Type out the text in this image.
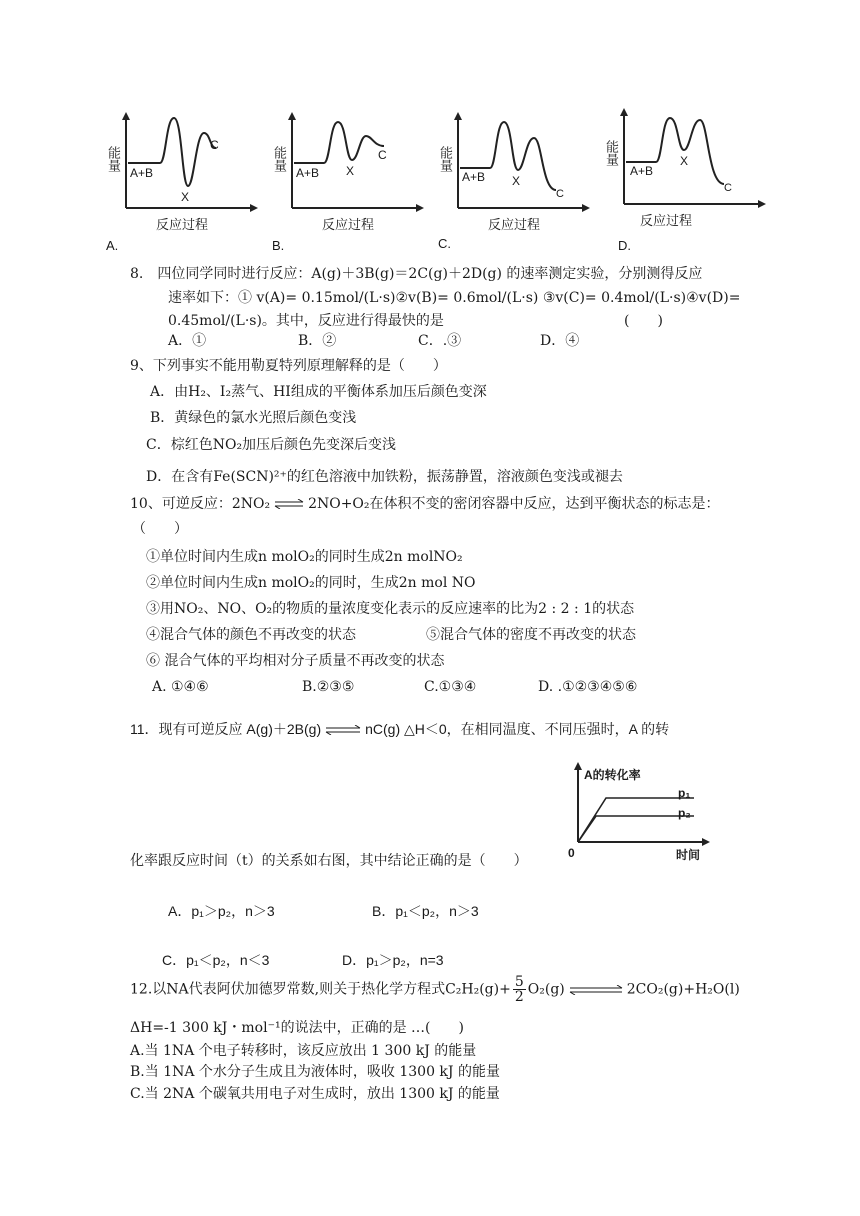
能量
A+B
X
C
反应过程
A.
能量
A+B X
C
反应过程
B.
能量
A+B X
C
反应过程
C.
能量
A+B
X
C
反应过程
D.
8.　四位同学同时进行反应：A(g)＋3B(g)＝2C(g)＋2D(g) 的速率测定实验，分别测得反应
速率如下：① v(A)= 0.15mol/(L·s)②v(B)= 0.6mol/(L·s) ③v(C)= 0.4mol/(L·s)④v(D)=
0.45mol/(L·s)。其中，反应进行得最快的是	(　　)
A．①	B．②	C．.③	D．④
9、下列事实不能用勒夏特列原理解释的是（　　）
A．由H₂、I₂蒸气、HI组成的平衡体系加压后颜色变深
B．黄绿色的氯水光照后颜色变浅
C．棕红色NO₂加压后颜色先变深后变浅
D．在含有Fe(SCN)²⁺的红色溶液中加铁粉，振荡静置，溶液颜色变浅或褪去
10、可逆反应：2NO₂ ⇌ 2NO+O₂在体积不变的密闭容器中反应，达到平衡状态的标志是：
（　　）
①单位时间内生成n molO₂的同时生成2n molNO₂
②单位时间内生成n molO₂的同时，生成2n mol NO
③用NO₂、NO、O₂的物质的量浓度变化表示的反应速率的比为2 : 2 : 1的状态
④混合气体的颜色不再改变的状态	⑤混合气体的密度不再改变的状态
⑥ 混合气体的平均相对分子质量不再改变的状态
A. ①④⑥	B.②③⑤	C.①③④	D. .①②③④⑤⑥
11．现有可逆反应 A(g)＋2B(g) ⇌ nC(g) △H＜0，在相同温度、不同压强时，A 的转
A的转化率
p₁
p₂
0	时间
化率跟反应时间（t）的关系如右图，其中结论正确的是（　　）
A．p₁＞p₂，n＞3	B．p₁＜p₂，n＞3
C．p₁＜p₂，n＜3	D．p₁＞p₂，n=3
12.以NA代表阿伏加德罗常数,则关于热化学方程式$C_2H_2(g)+ \frac{5}{2} O_2(g)$ ⇌ 2CO₂(g)+H₂O(l)
ΔH=-1 300 kJ・mol⁻¹的说法中，正确的是 …(　　)
A.当 1NA 个电子转移时，该反应放出 1 300 kJ 的能量
B.当 1NA 个水分子生成且为液体时，吸收 1300 kJ 的能量
C.当 2NA 个碳氧共用电子对生成时，放出 1300 kJ 的能量
